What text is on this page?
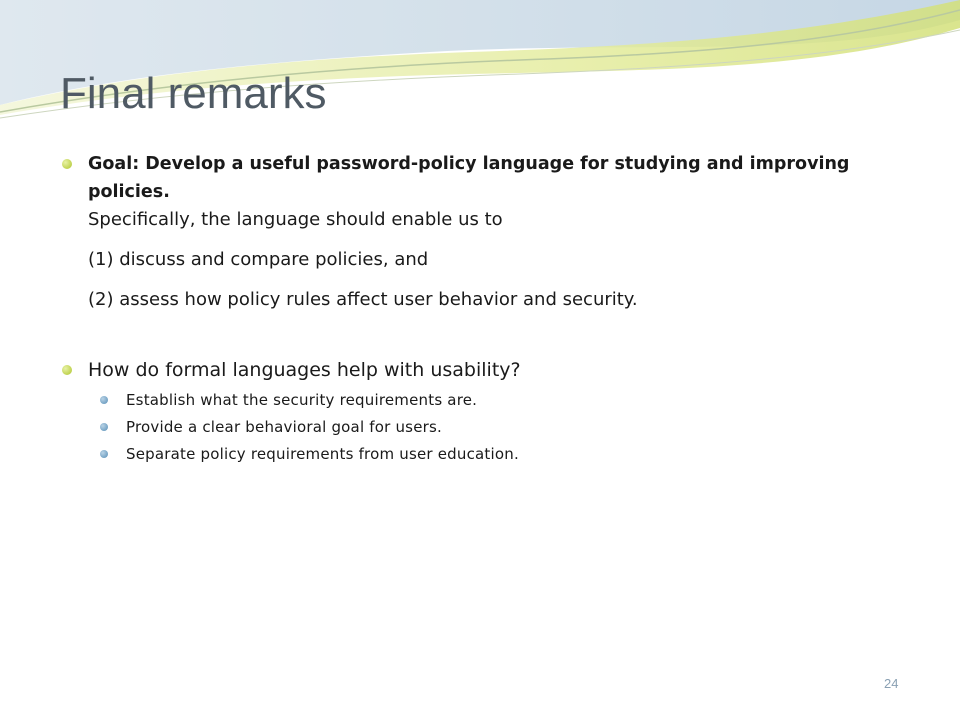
Final remarks
Goal: Develop a useful password-policy language for studying and improving policies.
Specifically, the language should enable us to
(1) discuss and compare policies, and
(2) assess how policy rules affect user behavior and security.
How do formal languages help with usability?
Establish what the security requirements are.
Provide a clear behavioral goal for users.
Separate policy requirements from user education.
24
